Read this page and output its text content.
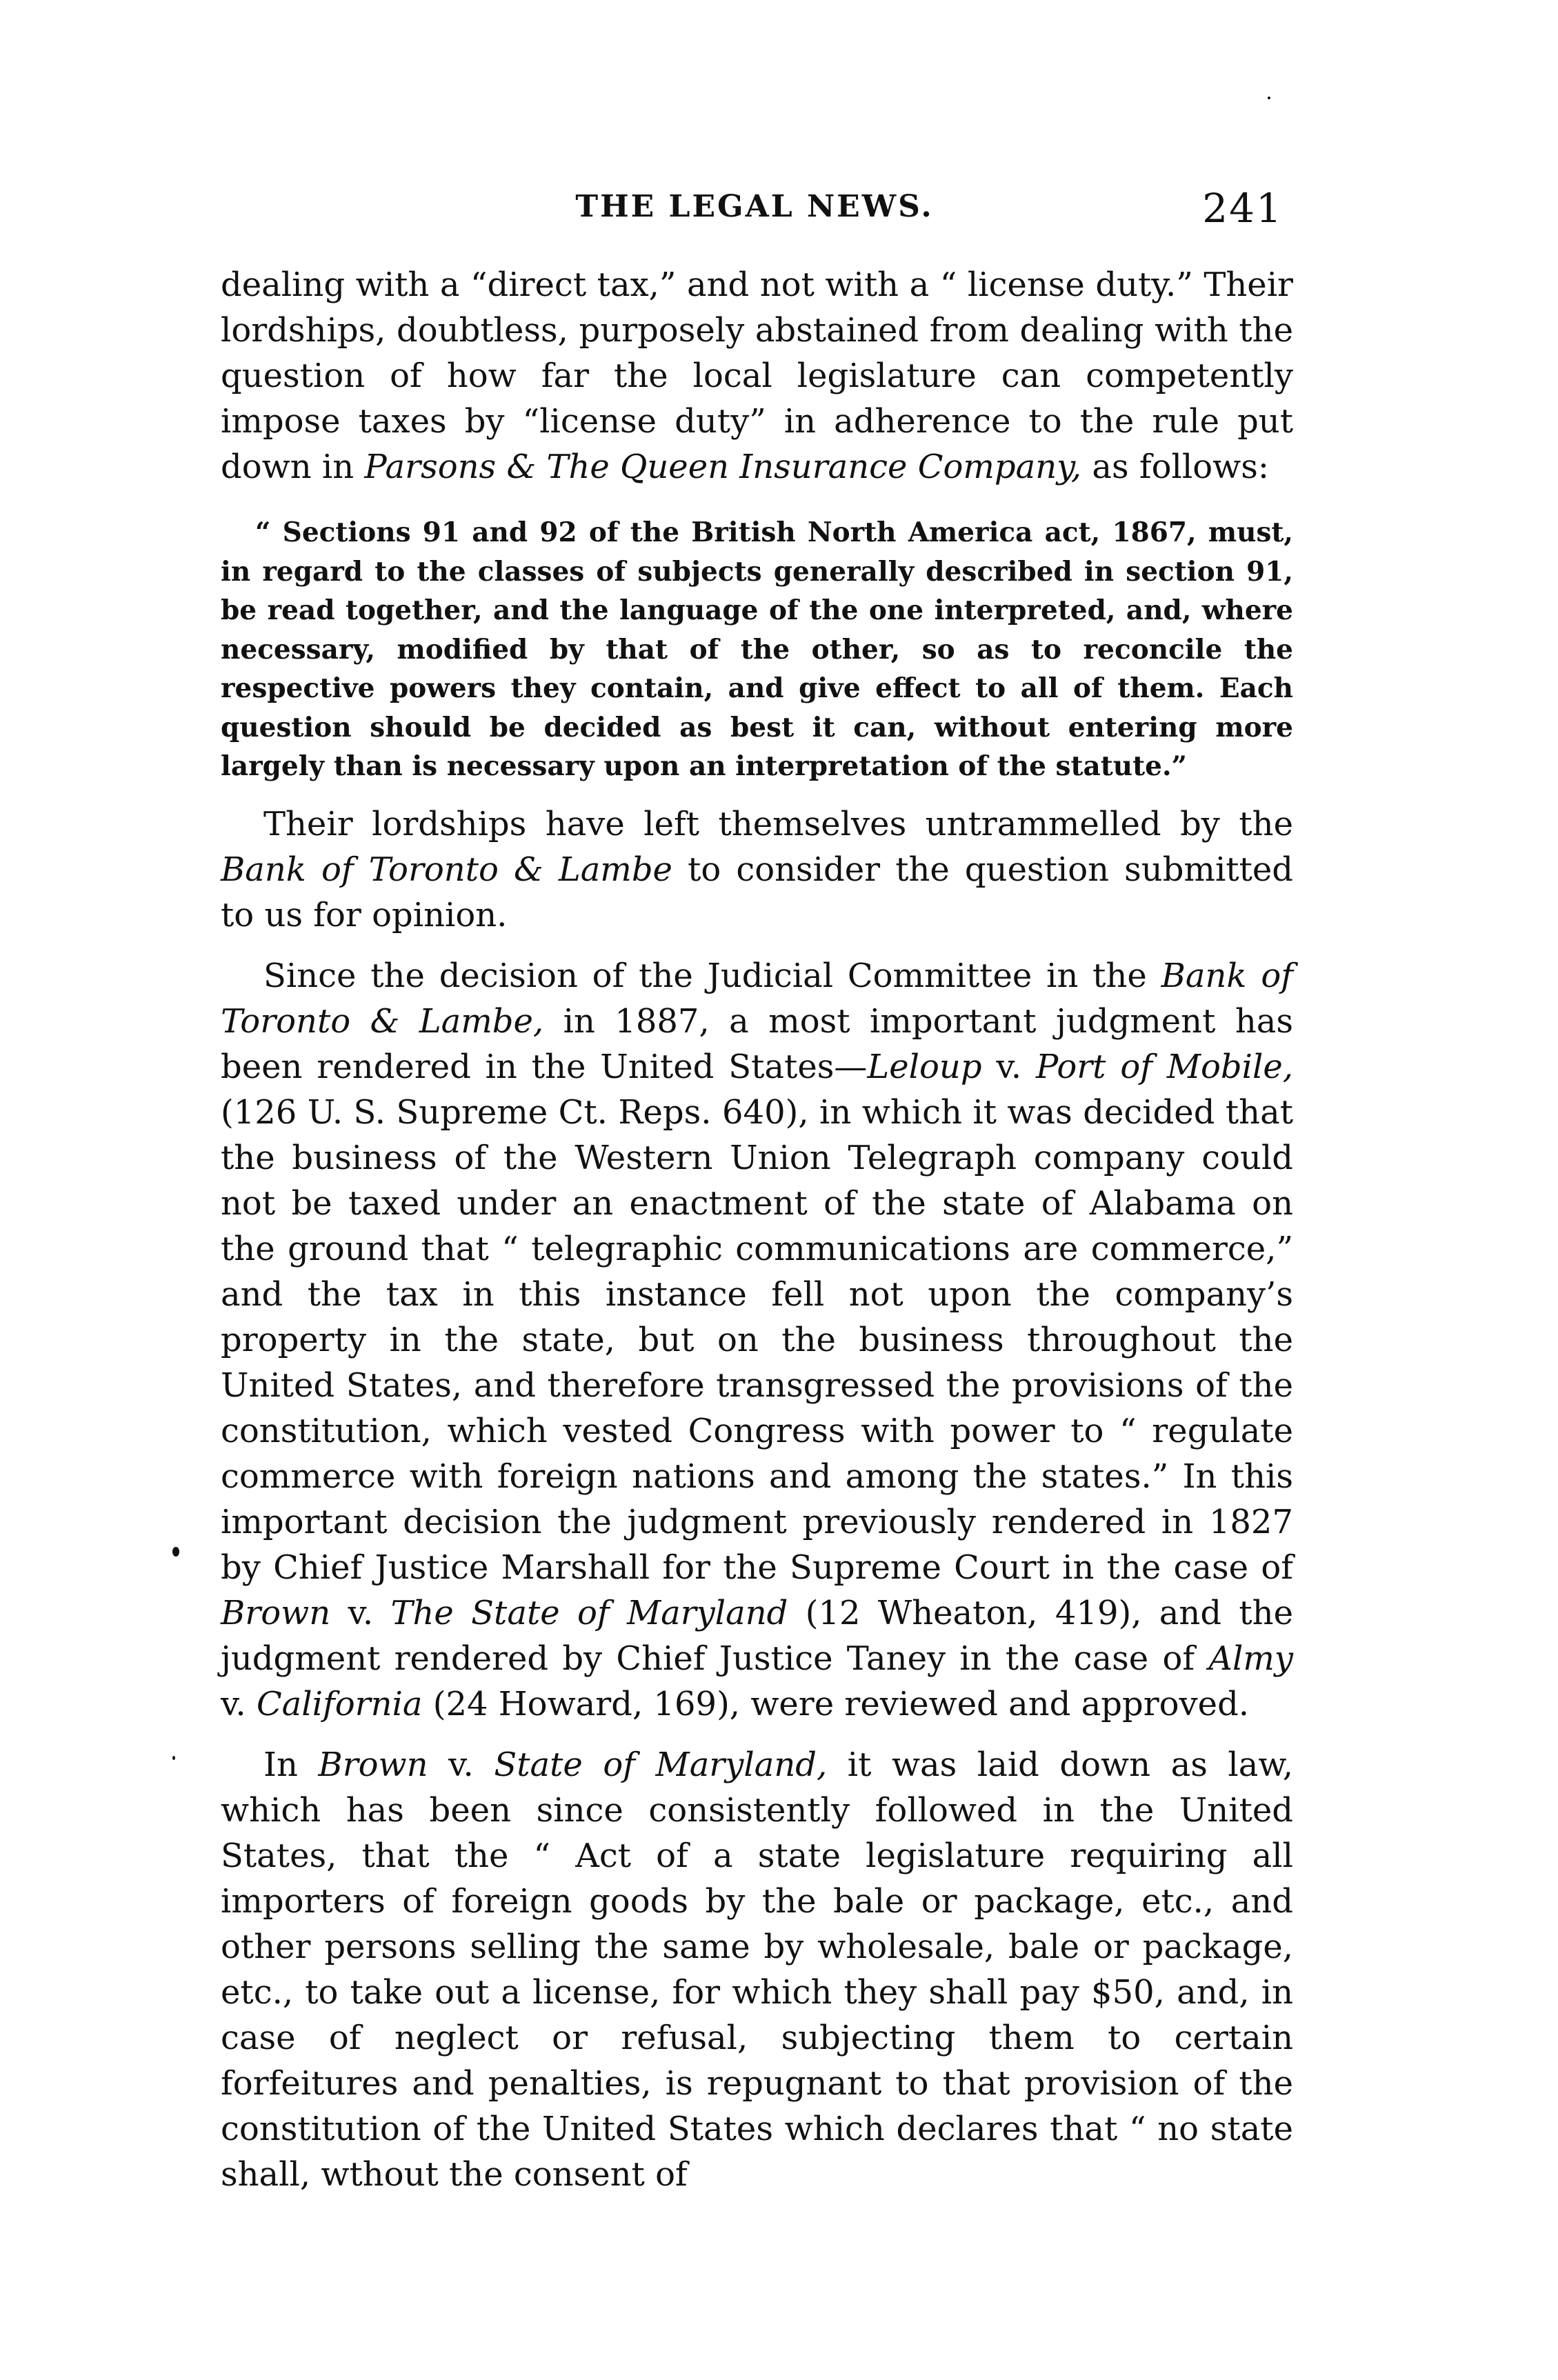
THE LEGAL NEWS.	241

dealing with a “direct tax,” and not with a “ license duty.” Their lordships, doubtless, purposely abstained from dealing with the question of how far the local legislature can competently impose taxes by “license duty” in adherence to the rule put down in Parsons & The Queen Insurance Company, as follows:

“ Sections 91 and 92 of the British North America act, 1867, must, in regard to the classes of subjects generally described in section 91, be read together, and the language of the one interpreted, and, where necessary, modified by that of the other, so as to reconcile the respective powers they contain, and give effect to all of them. Each question should be decided as best it can, without entering more largely than is necessary upon an interpretation of the statute.”

Their lordships have left themselves untrammelled by the Bank of Toronto & Lambe to consider the question submitted to us for opinion.

Since the decision of the Judicial Committee in the Bank of Toronto & Lambe, in 1887, a most important judgment has been rendered in the United States—Leloup v. Port of Mobile, (126 U. S. Supreme Ct. Reps. 640), in which it was decided that the business of the Western Union Telegraph company could not be taxed under an enactment of the state of Alabama on the ground that “ telegraphic communications are commerce,” and the tax in this instance fell not upon the company’s property in the state, but on the business throughout the United States, and therefore transgressed the provisions of the constitution, which vested Congress with power to “ regulate commerce with foreign nations and among the states.” In this important decision the judgment previously rendered in 1827 by Chief Justice Marshall for the Supreme Court in the case of Brown v. The State of Maryland (12 Wheaton, 419), and the judgment rendered by Chief Justice Taney in the case of Almy v. California (24 Howard, 169), were reviewed and approved.

In Brown v. State of Maryland, it was laid down as law, which has been since consistently followed in the United States, that the “ Act of a state legislature requiring all importers of foreign goods by the bale or package, etc., and other persons selling the same by wholesale, bale or package, etc., to take out a license, for which they shall pay $50, and, in case of neglect or refusal, subjecting them to certain forfeitures and penalties, is repugnant to that provision of the constitution of the United States which declares that “ no state shall, wthout the consent of
